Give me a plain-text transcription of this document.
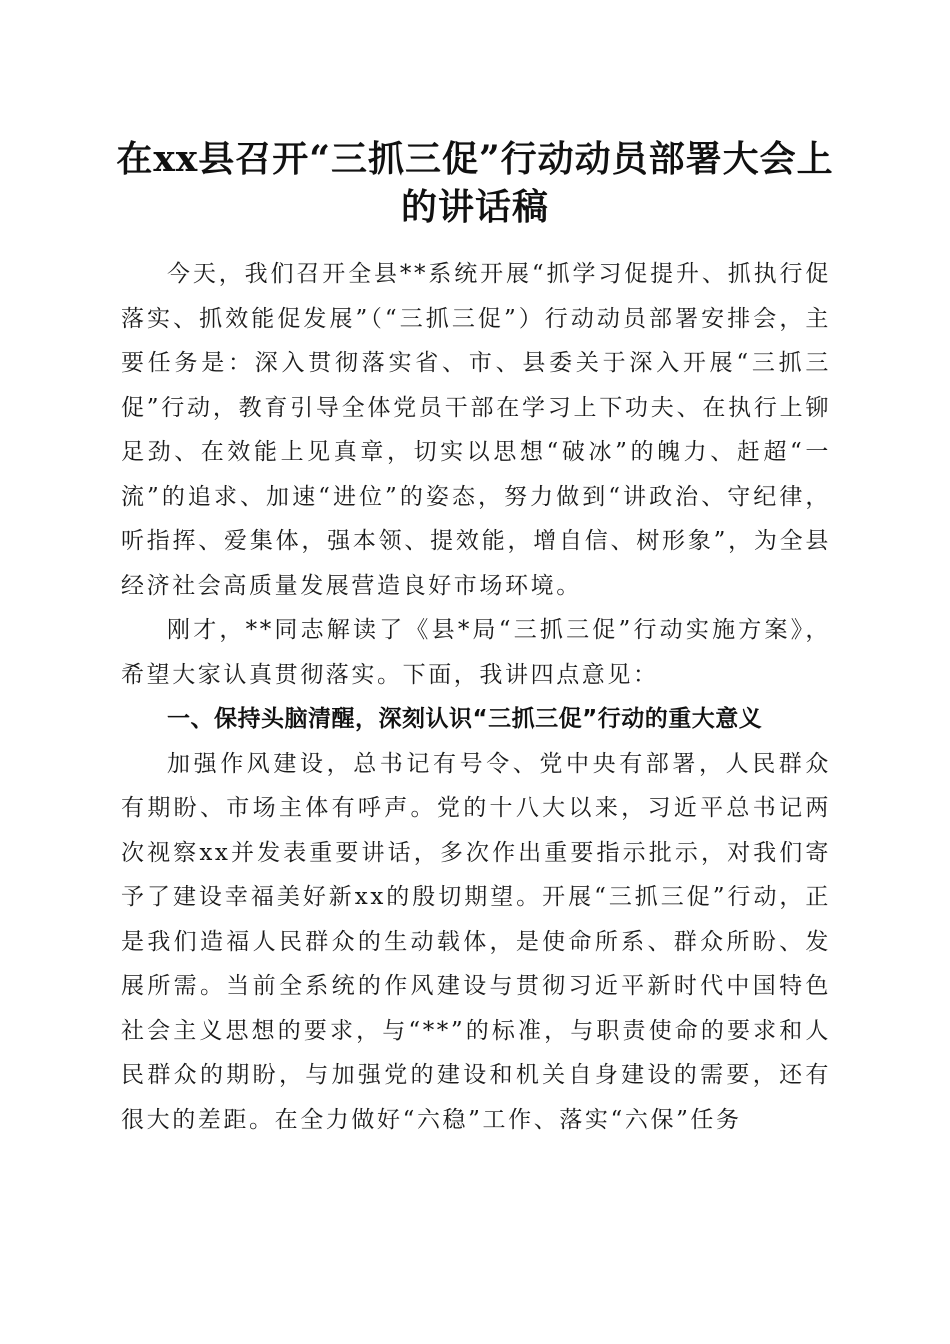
在xx县召开“三抓三促”行动动员部署大会上的讲话稿

今天，我们召开全县**系统开展“抓学习促提升、抓执行促落实、抓效能促发展”（“三抓三促”）行动动员部署安排会，主要任务是：深入贯彻落实省、市、县委关于深入开展“三抓三促”行动，教育引导全体党员干部在学习上下功夫、在执行上铆足劲、在效能上见真章，切实以思想“破冰”的魄力、赶超“一流”的追求、加速“进位”的姿态，努力做到“讲政治、守纪律，听指挥、爱集体，强本领、提效能，增自信、树形象”，为全县经济社会高质量发展营造良好市场环境。

刚才，**同志解读了《县*局“三抓三促”行动实施方案》，希望大家认真贯彻落实。下面，我讲四点意见：

一、保持头脑清醒，深刻认识“三抓三促”行动的重大意义

加强作风建设，总书记有号令、党中央有部署，人民群众有期盼、市场主体有呼声。党的十八大以来，习近平总书记两次视察xx并发表重要讲话，多次作出重要指示批示，对我们寄予了建设幸福美好新xx的殷切期望。开展“三抓三促”行动，正是我们造福人民群众的生动载体，是使命所系、群众所盼、发展所需。当前全系统的作风建设与贯彻习近平新时代中国特色社会主义思想的要求，与“**”的标准，与职责使命的要求和人民群众的期盼，与加强党的建设和机关自身建设的需要，还有很大的差距。在全力做好“六稳”工作、落实“六保”任务
